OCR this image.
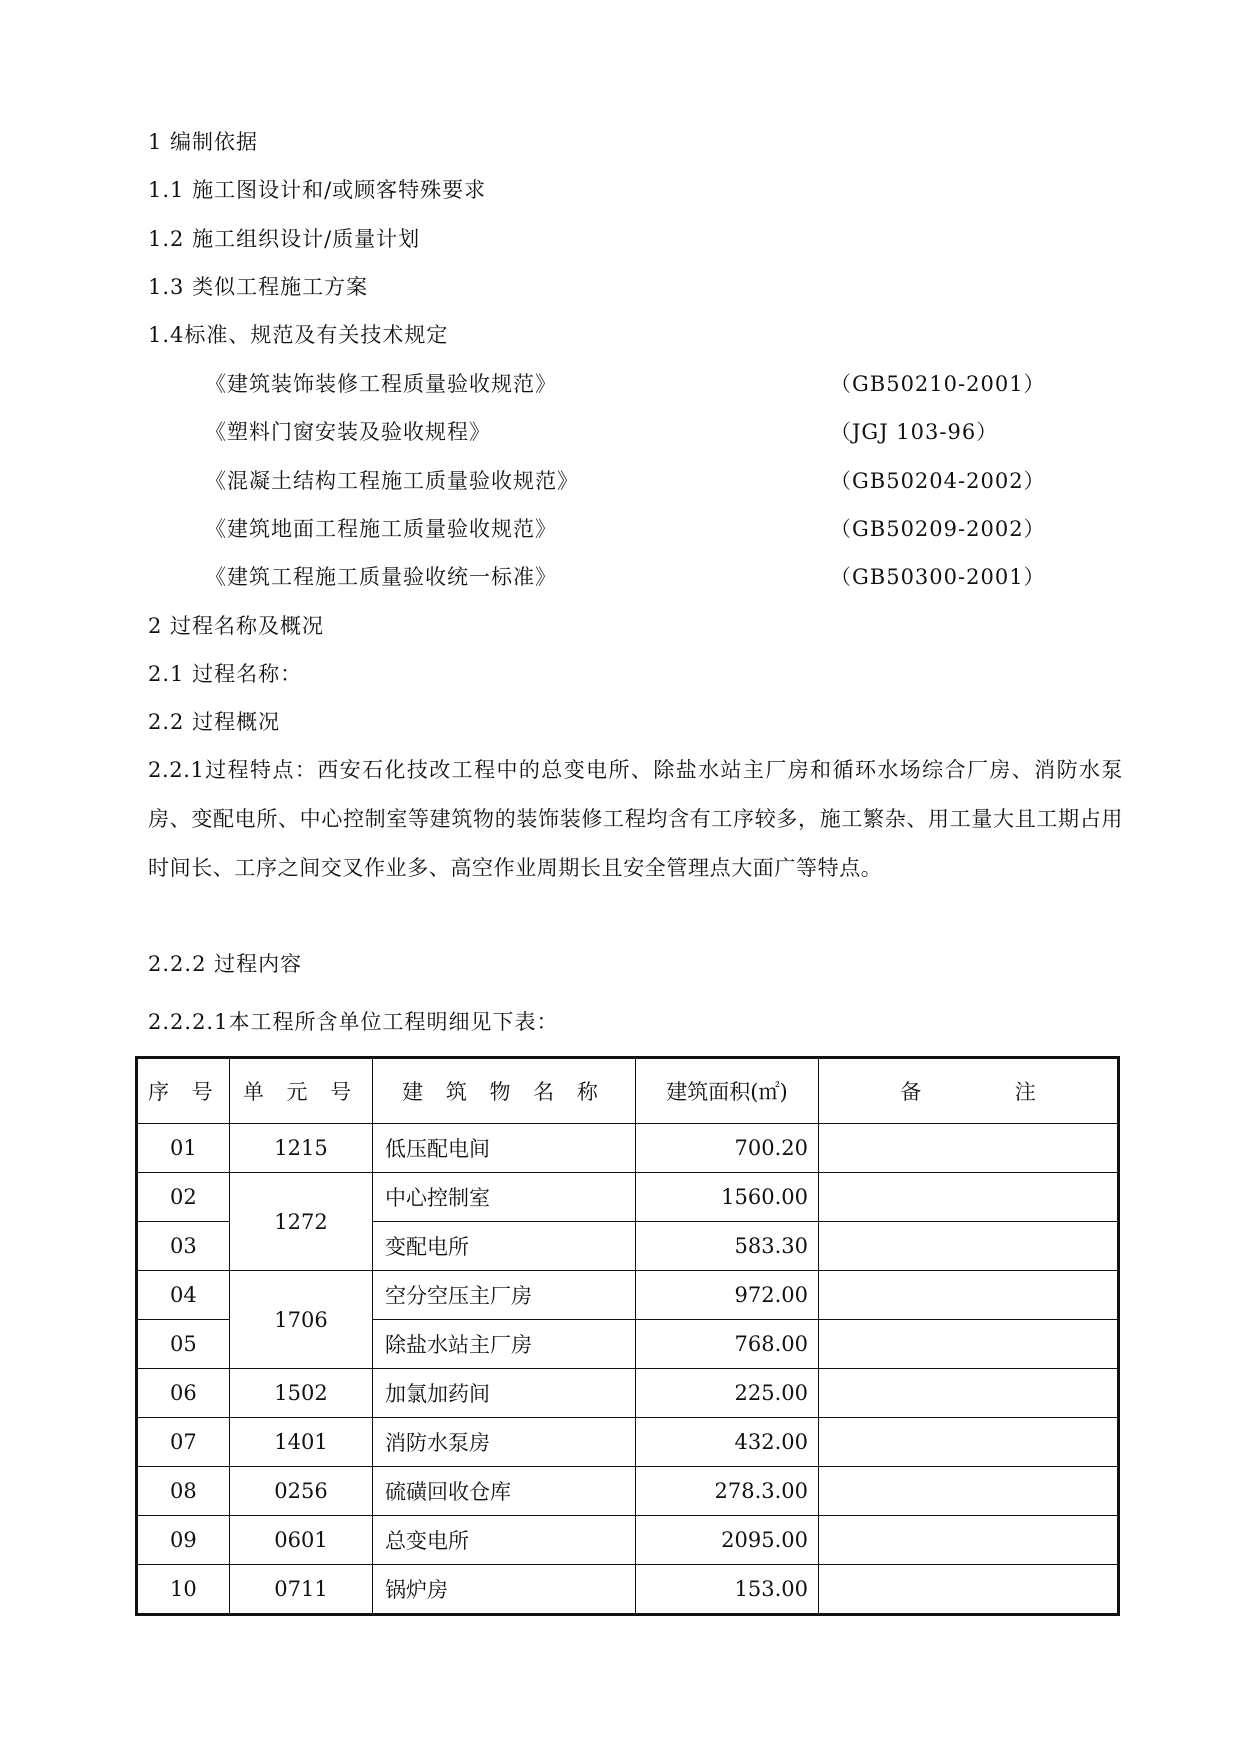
1 编制依据
1.1 施工图设计和/或顾客特殊要求
1.2 施工组织设计/质量计划
1.3 类似工程施工方案
1.4标准、规范及有关技术规定
《建筑装饰装修工程质量验收规范》	（GB50210-2001）
《塑料门窗安装及验收规程》	（JGJ 103-96）
《混凝土结构工程施工质量验收规范》	（GB50204-2002）
《建筑地面工程施工质量验收规范》	（GB50209-2002）
《建筑工程施工质量验收统一标准》	（GB50300-2001）
2 过程名称及概况
2.1 过程名称：
2.2 过程概况
2.2.1过程特点：西安石化技改工程中的总变电所、除盐水站主厂房和循环水场综合厂房、消防水泵房、变配电所、中心控制室等建筑物的装饰装修工程均含有工序较多，施工繁杂、用工量大且工期占用时间长、工序之间交叉作业多、高空作业周期长且安全管理点大面广等特点。
2.2.2 过程内容
2.2.2.1本工程所含单位工程明细见下表：
序 号	单 元 号	建 筑 物 名 称	建筑面积(㎡)	备 注
01	1215	低压配电间	700.20	
02	1272	中心控制室	1560.00	
03		变配电所	583.30	
04	1706	空分空压主厂房	972.00	
05		除盐水站主厂房	768.00	
06	1502	加氯加药间	225.00	
07	1401	消防水泵房	432.00	
08	0256	硫磺回收仓库	278.3.00	
09	0601	总变电所	2095.00	
10	0711	锅炉房	153.00	
